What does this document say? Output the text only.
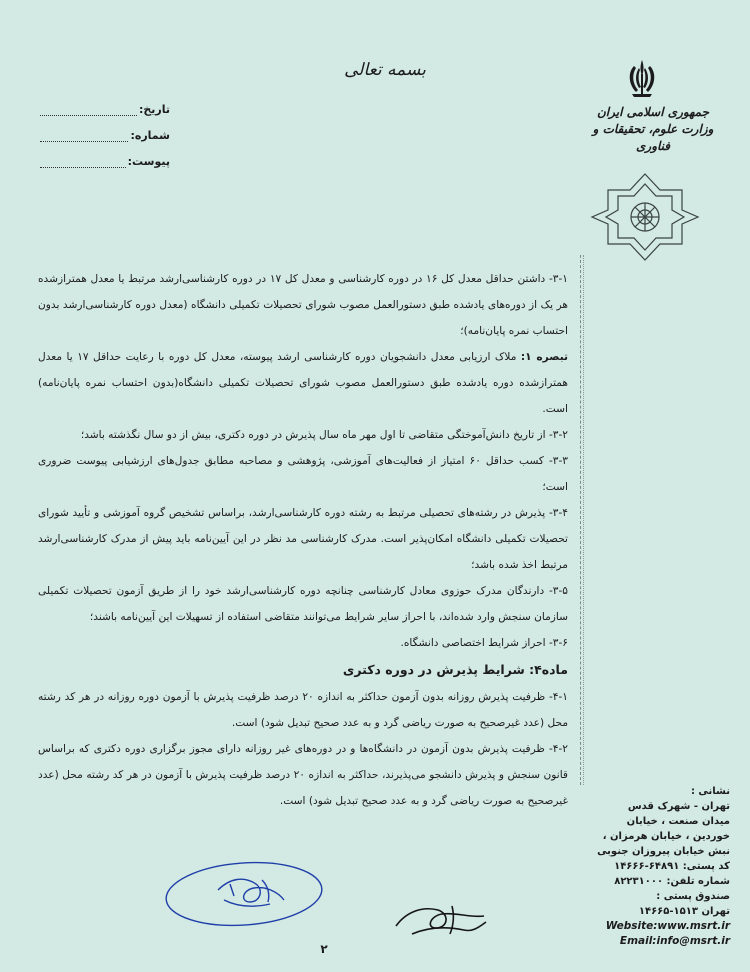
بسمه تعالی
تاریخ:
شماره:
پیوست:
جمهوری اسلامی ایران
وزارت علوم، تحقیقات و فناوری

۳-۱- داشتن حداقل معدل کل ۱۶ در دوره کارشناسی و معدل کل ۱۷ در دوره کارشناسی‌ارشد مرتبط یا معدل همترازشده هر یک از دوره‌های یادشده طبق دستورالعمل مصوب شورای تحصیلات تکمیلی دانشگاه (معدل دوره کارشناسی‌ارشد بدون احتساب نمره پایان‌نامه)؛

تبصره ۱: ملاک ارزیابی معدل دانشجویان دوره کارشناسی ارشد پیوسته، معدل کل دوره با رعایت حداقل ۱۷ یا معدل همترازشده دوره یادشده طبق دستورالعمل مصوب شورای تحصیلات تکمیلی دانشگاه(بدون احتساب نمره پایان‌نامه) است.

۳-۲- از تاریخ دانش‌آموختگی متقاضی تا اول مهر ماه سال پذیرش در دوره دکتری، بیش از دو سال نگذشته باشد؛

۳-۳- کسب حداقل ۶۰ امتیاز از فعالیت‌های آموزشی، پژوهشی و مصاحبه مطابق جدول‌های ارزشیابی پیوست ضروری است؛

۳-۴- پذیرش در رشته‌های تحصیلی مرتبط به رشته دوره کارشناسی‌ارشد، براساس تشخیص گروه آموزشی و تأیید شورای تحصیلات تکمیلی دانشگاه امکان‌پذیر است. مدرک کارشناسی مد نظر در این آیین‌نامه باید پیش از مدرک کارشناسی‌ارشد مرتبط اخذ شده باشد؛

۳-۵- دارندگان مدرک حوزوی معادل کارشناسی چنانچه دوره کارشناسی‌ارشد خود را از طریق آزمون تحصیلات تکمیلی سازمان سنجش وارد شده‌اند، با احراز سایر شرایط می‌توانند متقاضی استفاده از تسهیلات این آیین‌نامه باشند؛

۳-۶- احراز شرایط اختصاصی دانشگاه.

ماده۴: شرایط پذیرش در دوره دکتری

۴-۱- ظرفیت پذیرش روزانه بدون آزمون حداکثر به اندازه ۲۰ درصد ظرفیت پذیرش با آزمون دوره روزانه در هر کد رشته محل (عدد غیرصحیح به صورت ریاضی گرد و به عدد صحیح تبدیل شود) است.

۴-۲- ظرفیت پذیرش بدون آزمون در دانشگاه‌ها و در دوره‌های غیر روزانه دارای مجوز برگزاری دوره دکتری که براساس قانون سنجش و پذیرش دانشجو می‌پذیرند، حداکثر به اندازه ۲۰ درصد ظرفیت پذیرش با آزمون در هر کد رشته محل (عدد غیرصحیح به صورت ریاضی گرد و به عدد صحیح تبدیل شود) است.

نشانی :
تهران - شهرک قدس
میدان صنعت ، خیابان
خوردین ، خیابان هرمزان ،
نبش خیابان پیروزان جنوبی
کد پستی: ۶۴۸۹۱-۱۴۶۶۶
شماره تلفن: ۸۲۲۳۱۰۰۰
صندوق پستی :
تهران ۱۵۱۳-۱۴۶۶۵
Website:www.msrt.ir
Email:info@msrt.ir
۲
